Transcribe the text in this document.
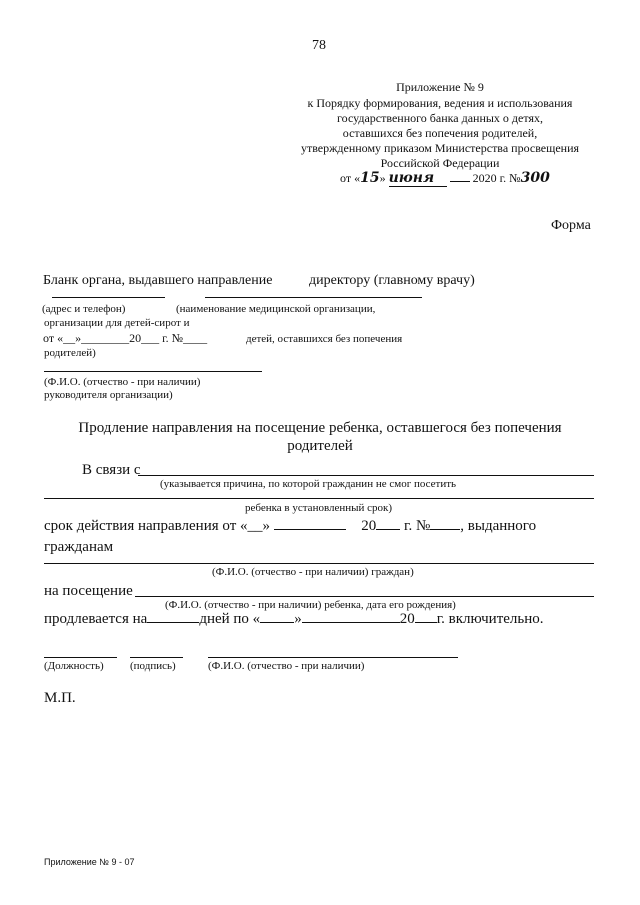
78
Приложение № 9
к Порядку формирования, ведения и использования
государственного банка данных о детях,
оставшихся без попечения родителей,
утвержденному приказом Министерства просвещения
Российской Федерации
от «15» июня	2020 г. №300
Форма
Бланк органа, выдавшего направление	директору (главному врачу)
(адрес и телефон)	(наименование медицинской организации,
организации для детей-сирот и
от «__»________20___ г. №____	детей, оставшихся без попечения
родителей)
(Ф.И.О. (отчество - при наличии)
руководителя организации)
Продление направления на посещение ребенка, оставшегося без попечения
родителей
В связи с
(указывается причина, по которой гражданин не смог посетить
ребенка в установленный срок)
срок действия направления от «__»	20 г. № , выданного
гражданам
(Ф.И.О. (отчество - при наличии) граждан)
на посещение
(Ф.И.О. (отчество - при наличии) ребенка, дата его рождения)
продлевается на	дней по « »	20 г. включительно.
(Должность) (подпись)	(Ф.И.О. (отчество - при наличии)
М.П.
Приложение № 9 - 07
